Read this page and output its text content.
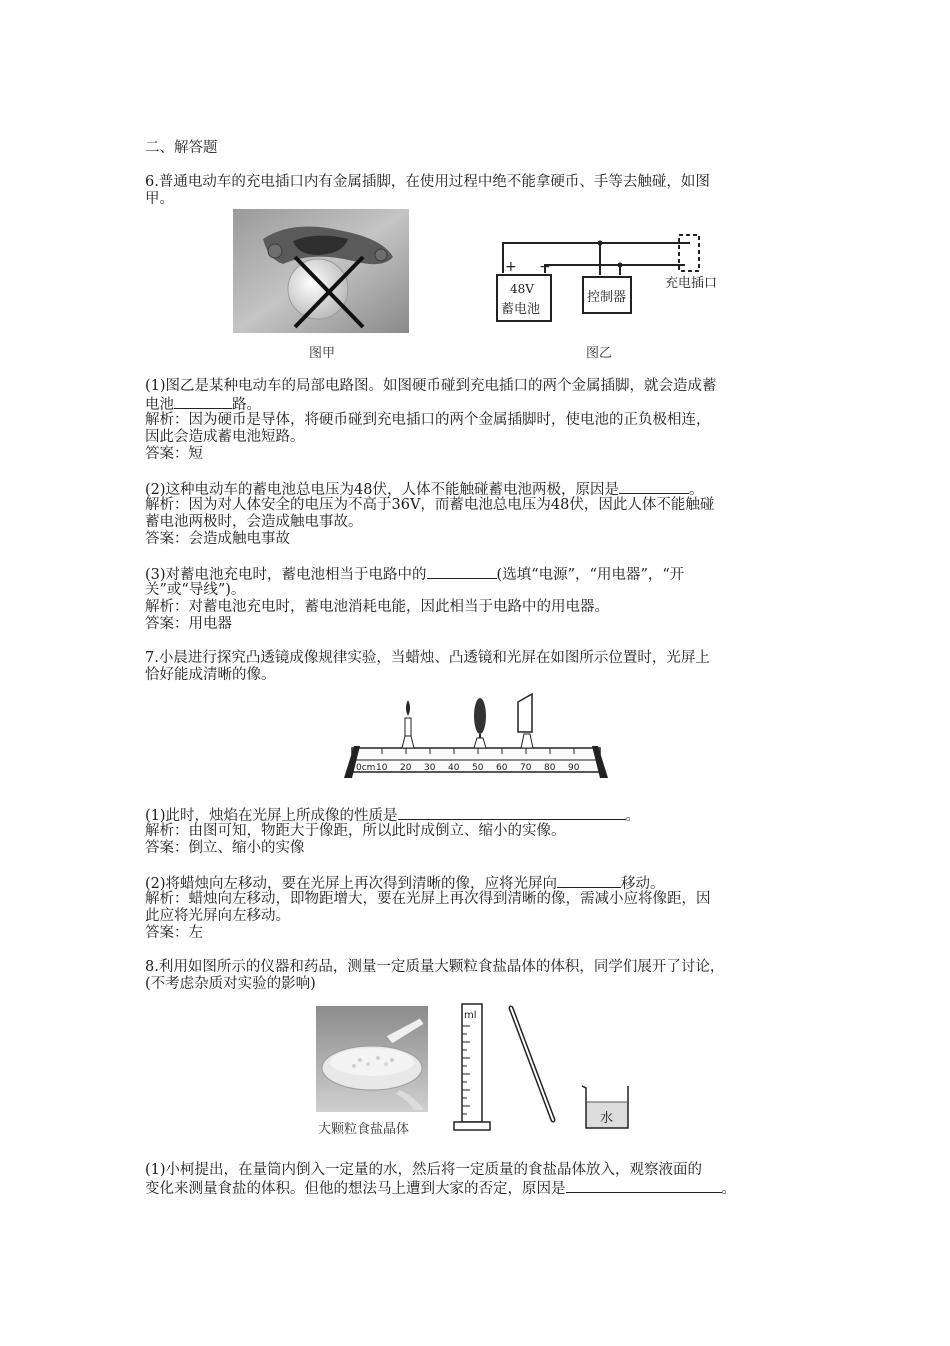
二、解答题
6.普通电动车的充电插口内有金属插脚，在使用过程中绝不能拿硬币、手等去触碰，如图
甲。
图甲
+ −
48V
蓄电池
控制器
充电插口
图乙
(1)图乙是某种电动车的局部电路图。如图硬币碰到充电插口的两个金属插脚，就会造成蓄
电池	路。
解析：因为硬币是导体，将硬币碰到充电插口的两个金属插脚时，使电池的正负极相连，
因此会造成蓄电池短路。
答案：短
(2)这种电动车的蓄电池总电压为48伏，人体不能触碰蓄电池两极，原因是	。
解析：因为对人体安全的电压为不高于36V，而蓄电池总电压为48伏，因此人体不能触碰
蓄电池两极时，会造成触电事故。
答案：会造成触电事故
(3)对蓄电池充电时，蓄电池相当于电路中的	(选填“电源”，“用电器”，“开
关”或“导线”)。
解析：对蓄电池充电时，蓄电池消耗电能，因此相当于电路中的用电器。
答案：用电器
7.小晨进行探究凸透镜成像规律实验，当蜡烛、凸透镜和光屏在如图所示位置时，光屏上
恰好能成清晰的像。
0cm 10 20 30 40 50 60 70 80 90
(1)此时，烛焰在光屏上所成像的性质是	。
解析：由图可知，物距大于像距，所以此时成倒立、缩小的实像。
答案：倒立、缩小的实像
(2)将蜡烛向左移动，要在光屏上再次得到清晰的像，应将光屏向	移动。
解析：蜡烛向左移动，即物距增大，要在光屏上再次得到清晰的像，需减小应将像距，因
此应将光屏向左移动。
答案：左
8.利用如图所示的仪器和药品，测量一定质量大颗粒食盐晶体的体积，同学们展开了讨论，
(不考虑杂质对实验的影响)
大颗粒食盐晶体
ml
水
(1)小柯提出，在量筒内倒入一定量的水，然后将一定质量的食盐晶体放入，观察液面的
变化来测量食盐的体积。但他的想法马上遭到大家的否定，原因是	。
